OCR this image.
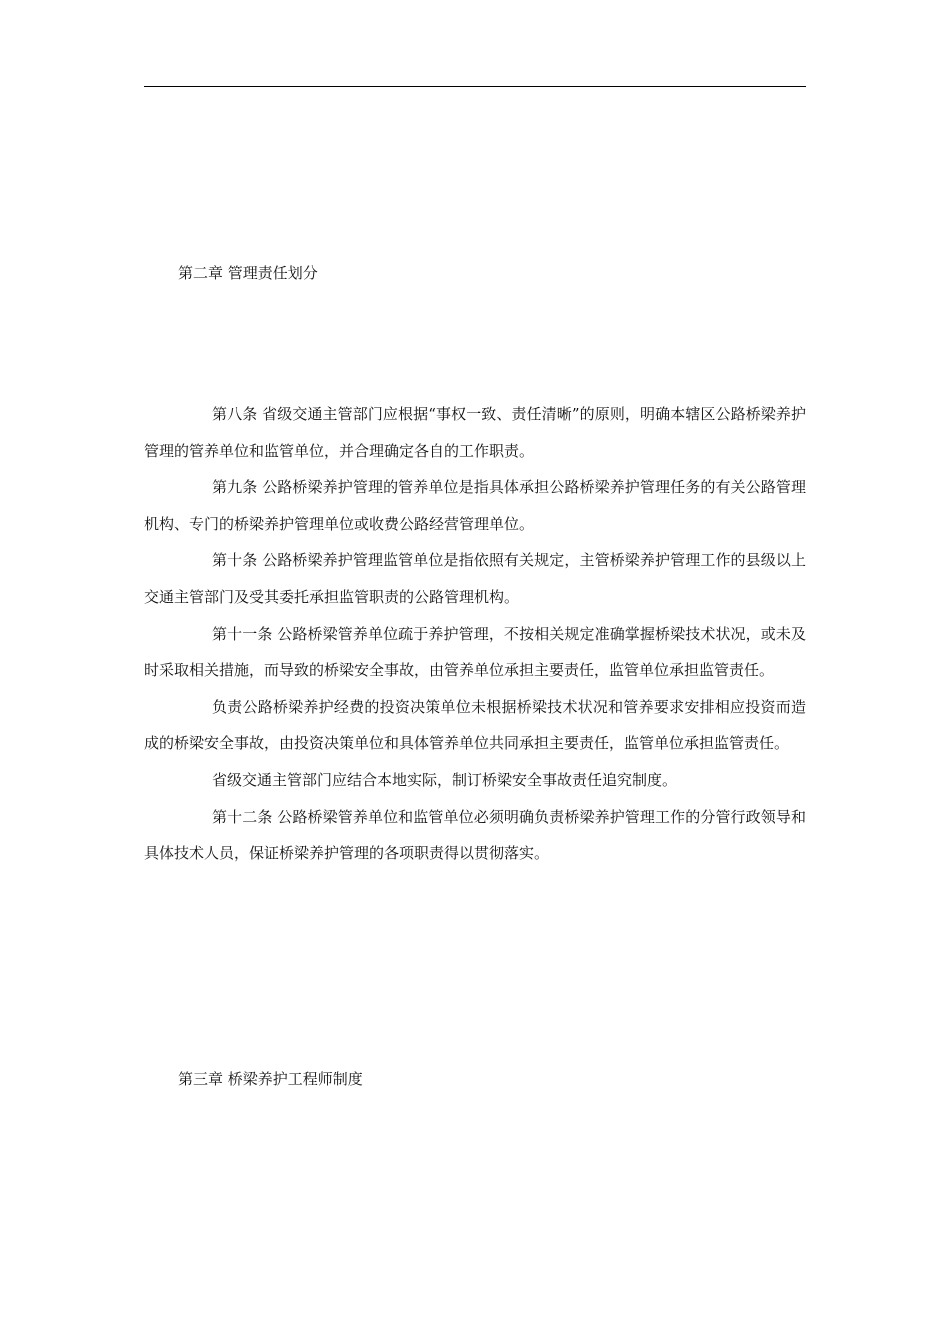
第二章 管理责任划分

第八条 省级交通主管部门应根据“事权一致、责任清晰”的原则，明确本辖区公路桥梁养护管理的管养单位和监管单位，并合理确定各自的工作职责。

第九条 公路桥梁养护管理的管养单位是指具体承担公路桥梁养护管理任务的有关公路管理机构、专门的桥梁养护管理单位或收费公路经营管理单位。

第十条 公路桥梁养护管理监管单位是指依照有关规定，主管桥梁养护管理工作的县级以上交通主管部门及受其委托承担监管职责的公路管理机构。

第十一条 公路桥梁管养单位疏于养护管理，不按相关规定准确掌握桥梁技术状况，或未及时采取相关措施，而导致的桥梁安全事故，由管养单位承担主要责任，监管单位承担监管责任。

负责公路桥梁养护经费的投资决策单位未根据桥梁技术状况和管养要求安排相应投资而造成的桥梁安全事故，由投资决策单位和具体管养单位共同承担主要责任，监管单位承担监管责任。

省级交通主管部门应结合本地实际，制订桥梁安全事故责任追究制度。

第十二条 公路桥梁管养单位和监管单位必须明确负责桥梁养护管理工作的分管行政领导和具体技术人员，保证桥梁养护管理的各项职责得以贯彻落实。

第三章 桥梁养护工程师制度
